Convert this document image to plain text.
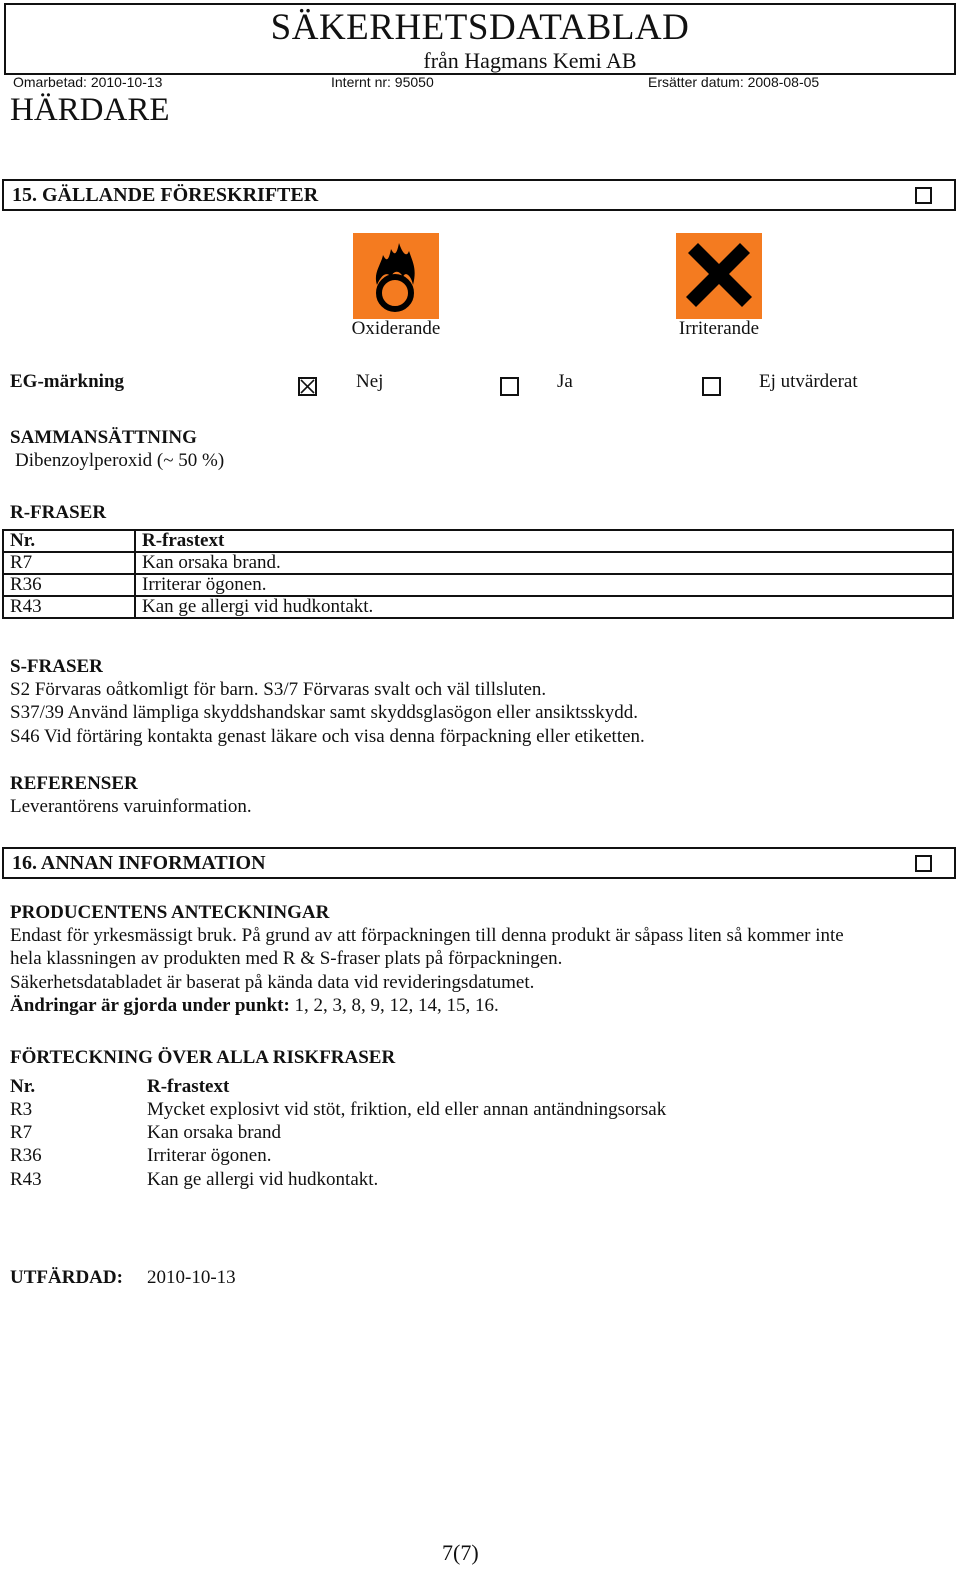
SÄKERHETSDATABLAD
från Hagmans Kemi AB
Omarbetad: 2010-10-13	Internt nr: 95050	Ersätter datum: 2008-08-05
HÄRDARE
15. GÄLLANDE FÖRESKRIFTER
Oxiderande	Irriterande
EG-märkning	Nej	Ja	Ej utvärderat
SAMMANSÄTTNING
Dibenzoylperoxid (~ 50 %)
R-FRASER
Nr.	R-frastext
R7	Kan orsaka brand.
R36	Irriterar ögonen.
R43	Kan ge allergi vid hudkontakt.
S-FRASER
S2 Förvaras oåtkomligt för barn. S3/7 Förvaras svalt och väl tillsluten.
S37/39 Använd lämpliga skyddshandskar samt skyddsglasögon eller ansiktsskydd.
S46 Vid förtäring kontakta genast läkare och visa denna förpackning eller etiketten.
REFERENSER
Leverantörens varuinformation.
16. ANNAN INFORMATION
PRODUCENTENS ANTECKNINGAR
Endast för yrkesmässigt bruk. På grund av att förpackningen till denna produkt är såpass liten så kommer inte
hela klassningen av produkten med R & S-fraser plats på förpackningen.
Säkerhetsdatabladet är baserat på kända data vid revideringsdatumet.
Ändringar är gjorda under punkt: 1, 2, 3, 8, 9, 12, 14, 15, 16.
FÖRTECKNING ÖVER ALLA RISKFRASER
Nr.	R-frastext
R3	Mycket explosivt vid stöt, friktion, eld eller annan antändningsorsak
R7	Kan orsaka brand
R36	Irriterar ögonen.
R43	Kan ge allergi vid hudkontakt.
UTFÄRDAD: 2010-10-13
7(7)
